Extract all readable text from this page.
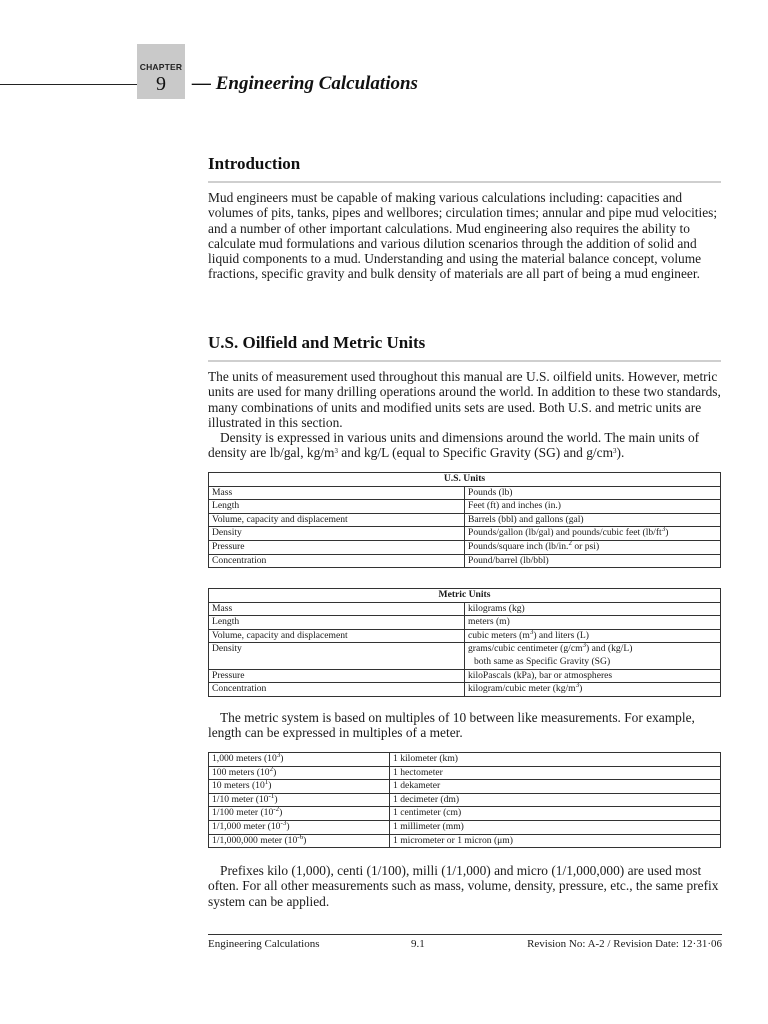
CHAPTER
9	— Engineering Calculations
Introduction

Mud engineers must be capable of making various calculations including: capacities and volumes of pits, tanks, pipes and wellbores; circulation times; annular and pipe mud velocities; and a number of other important calculations. Mud engineering also requires the ability to calculate mud formulations and various dilution scenarios through the addition of solid and liquid components to a mud. Understanding and using the material balance concept, volume fractions, specific gravity and bulk density of materials are all part of being a mud engineer.

U.S. Oilfield and Metric Units

The units of measurement used throughout this manual are U.S. oilfield units. However, metric units are used for many drilling operations around the world. In addition to these two standards, many combinations of units and modified units sets are used. Both U.S. and metric units are illustrated in this section.

Density is expressed in various units and dimensions around the world. The main units of density are lb/gal, $kg/m^3$ and kg/L (equal to Specific Gravity (SG) and $g/cm^3$).

U.S. Units	
Mass	Pounds (lb)
Length	Feet (ft) and inches (in.)
Volume, capacity and displacement	Barrels (bbl) and gallons (gal)
Density	Pounds/gallon (lb/gal) and pounds/cubic feet $(lb/ft^3)$
Pressure	Pounds/square inch (lb/in.$^2$ or psi)
Concentration	Pound/barrel (lb/bbl)
Metric Units	
Mass	kilograms (kg)
Length	meters (m)
Volume, capacity and displacement	cubic meters $(m^3)$ and liters (L)
Density	grams/cubic centimeter $(g/cm^3)$ and (kg/L)
both same as Specific Gravity (SG)
Pressure	kiloPascals (kPa), bar or atmospheres
Concentration	kilogram/cubic meter $(kg/m^3)$

The metric system is based on multiples of 10 between like measurements. For example, length can be expressed in multiples of a meter.

1,000 meters $(10^3)$	1 kilometer (km)
100 meters $(10^2)$	1 hectometer
10 meters $(10^1)$	1 dekameter
1/10 meter $(10^{-1})$	1 decimeter (dm)
1/100 meter $(10^{-2})$	1 centimeter (cm)
1/1,000 meter $(10^{-3})$	1 millimeter (mm)
1/1,000,000 meter $(10^{-6})$	1 micrometer or 1 micron (μm)

Prefixes kilo (1,000), centi (1/100), milli (1/1,000) and micro (1/1,000,000) are used most often. For all other measurements such as mass, volume, density, pressure, etc., the same prefix system can be applied.

Engineering Calculations	9.1	Revision No: A-2 / Revision Date: 12·31·06
